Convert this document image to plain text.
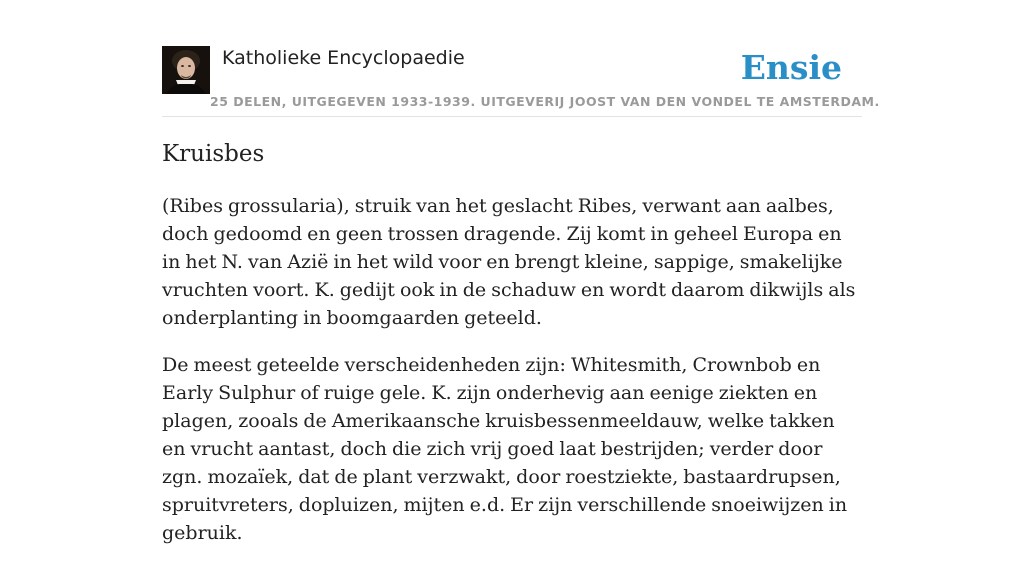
Katholieke Encyclopaedie
25 DELEN, UITGEGEVEN 1933-1939. UITGEVERIJ JOOST VAN DEN VONDEL TE AMSTERDAM.
Ensie
Kruisbes

(Ribes grossularia), struik van het geslacht Ribes, verwant aan aalbes, doch gedoomd en geen trossen dragende. Zij komt in geheel Europa en in het N. van Azië in het wild voor en brengt kleine, sappige, smakelijke vruchten voort. K. gedijt ook in de schaduw en wordt daarom dikwijls als onderplanting in boomgaarden geteeld.

De meest geteelde verscheidenheden zijn: Whitesmith, Crownbob en Early Sulphur of ruige gele. K. zijn onderhevig aan eenige ziekten en plagen, zooals de Amerikaansche kruisbessenmeeldauw, welke takken en vrucht aantast, doch die zich vrij goed laat bestrijden; verder door zgn. mozaïek, dat de plant verzwakt, door roestziekte, bastaardrupsen, spruitvreters, dopluizen, mijten e.d. Er zijn verschillende snoeiwijzen in gebruik.
